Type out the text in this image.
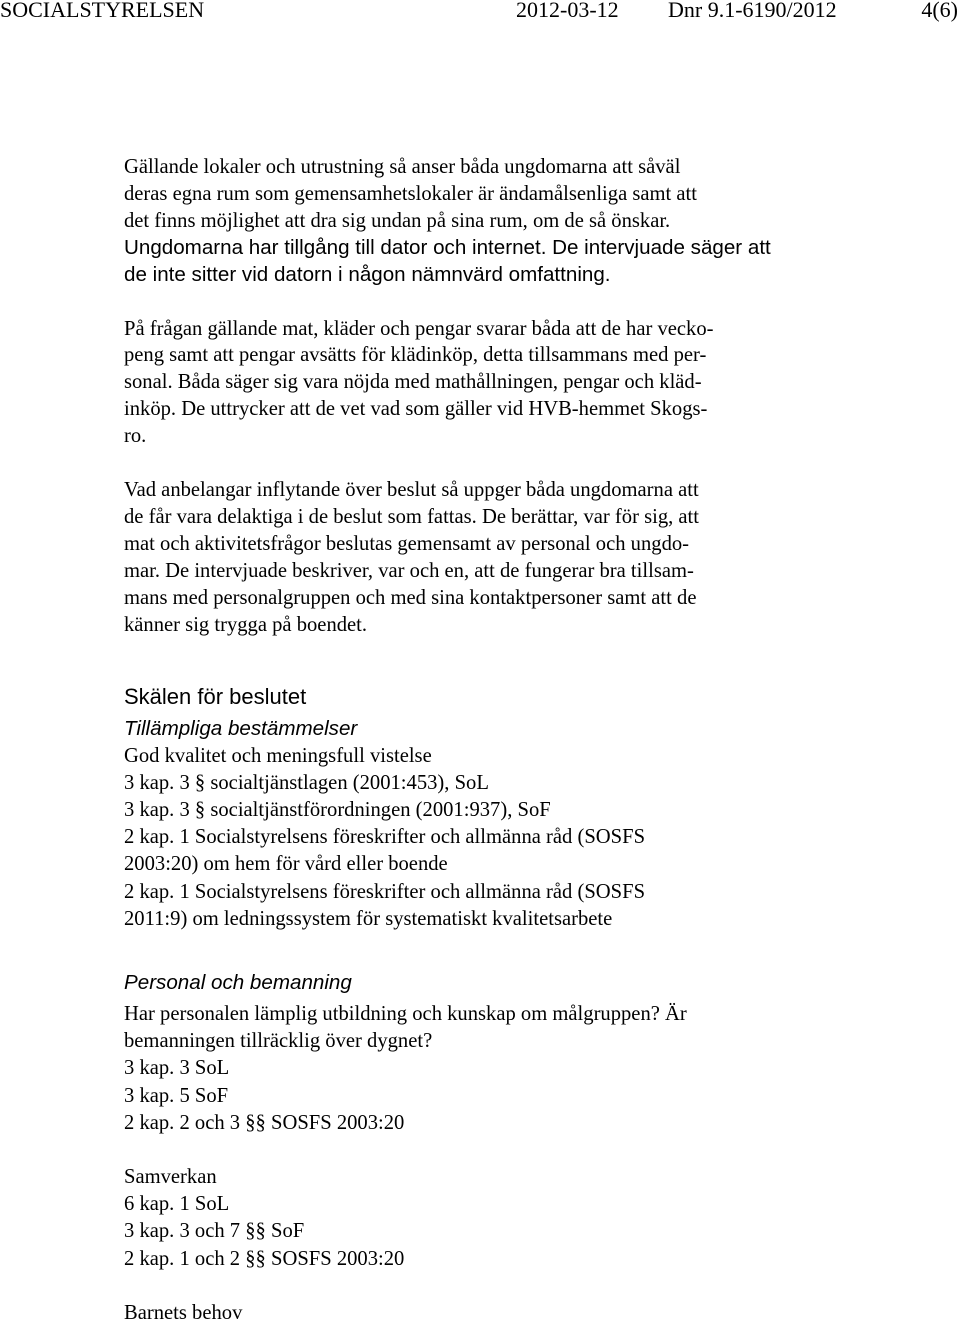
SOCIALSTYRELSEN	2012-03-12 Dnr 9.1-6190/2012	4(6)
Gällande lokaler och utrustning så anser båda ungdomarna att såväl
deras egna rum som gemensamhetslokaler är ändamålsenliga samt att
det finns möjlighet att dra sig undan på sina rum, om de så önskar.
Ungdomarna har tillgång till dator och internet. De intervjuade säger att
de inte sitter vid datorn i någon nämnvärd omfattning.
På frågan gällande mat, kläder och pengar svarar båda att de har vecko-
peng samt att pengar avsätts för klädinköp, detta tillsammans med per-
sonal. Båda säger sig vara nöjda med mathållningen, pengar och kläd-
inköp. De uttrycker att de vet vad som gäller vid HVB-hemmet Skogs-
ro.
Vad anbelangar inflytande över beslut så uppger båda ungdomarna att
de får vara delaktiga i de beslut som fattas. De berättar, var för sig, att
mat och aktivitetsfrågor beslutas gemensamt av personal och ungdo-
mar. De intervjuade beskriver, var och en, att de fungerar bra tillsam-
mans med personalgruppen och med sina kontaktpersoner samt att de
känner sig trygga på boendet.
Skälen för beslutet
Tillämpliga bestämmelser
God kvalitet och meningsfull vistelse
3 kap. 3 § socialtjänstlagen (2001:453), SoL
3 kap. 3 § socialtjänstförordningen (2001:937), SoF
2 kap. 1 Socialstyrelsens föreskrifter och allmänna råd (SOSFS
2003:20) om hem för vård eller boende
2 kap. 1 Socialstyrelsens föreskrifter och allmänna råd (SOSFS
2011:9) om ledningssystem för systematiskt kvalitetsarbete
Personal och bemanning
Har personalen lämplig utbildning och kunskap om målgruppen? Är
bemanningen tillräcklig över dygnet?
3 kap. 3 SoL
3 kap. 5 SoF
2 kap. 2 och 3 §§ SOSFS 2003:20
Samverkan
6 kap. 1 SoL
3 kap. 3 och 7 §§ SoF
2 kap. 1 och 2 §§ SOSFS 2003:20
Barnets behov
